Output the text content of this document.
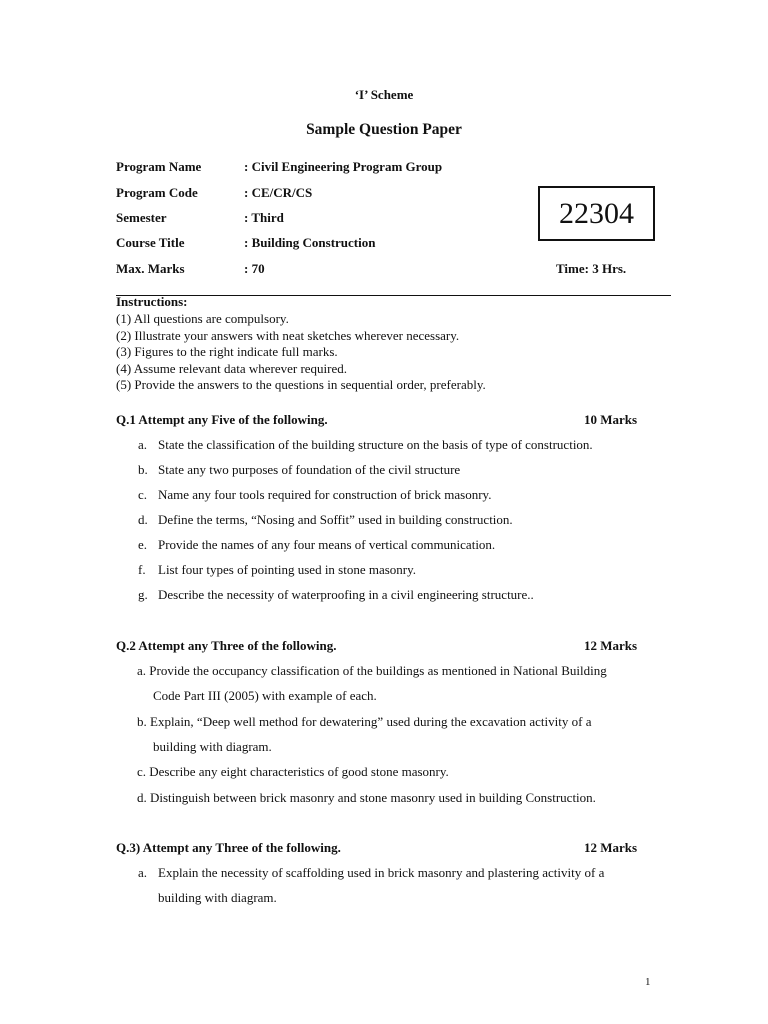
‘I’ Scheme
Sample Question Paper
Program Name	: Civil Engineering Program Group
Program Code	: CE/CR/CS
Semester	: Third
Course Title	: Building Construction
Max. Marks	: 70
22304
Time: 3 Hrs.
Instructions:
(1) All questions are compulsory.
(2) Illustrate your answers with neat sketches wherever necessary.
(3) Figures to the right indicate full marks.
(4) Assume relevant data wherever required.
(5) Provide the answers to the questions in sequential order, preferably.
Q.1 Attempt any Five of the following.	10 Marks
a. State the classification of the building structure on the basis of type of construction.
b. State any two purposes of foundation of the civil structure
c. Name any four tools required for construction of brick masonry.
d. Define the terms, “Nosing and Soffit” used in building construction.
e. Provide the names of any four means of vertical communication.
f. List four types of pointing used in stone masonry.
g. Describe the necessity of waterproofing in a civil engineering structure..
Q.2 Attempt any Three of the following.	12 Marks
a. Provide the occupancy classification of the buildings as mentioned in National Building
Code Part III (2005) with example of each.
b. Explain, “Deep well method for dewatering” used during the excavation activity of a
building with diagram.
c. Describe any eight characteristics of good stone masonry.
d. Distinguish between brick masonry and stone masonry used in building Construction.
Q.3) Attempt any Three of the following.	12 Marks
a. Explain the necessity of scaffolding used in brick masonry and plastering activity of a
building with diagram.
1
